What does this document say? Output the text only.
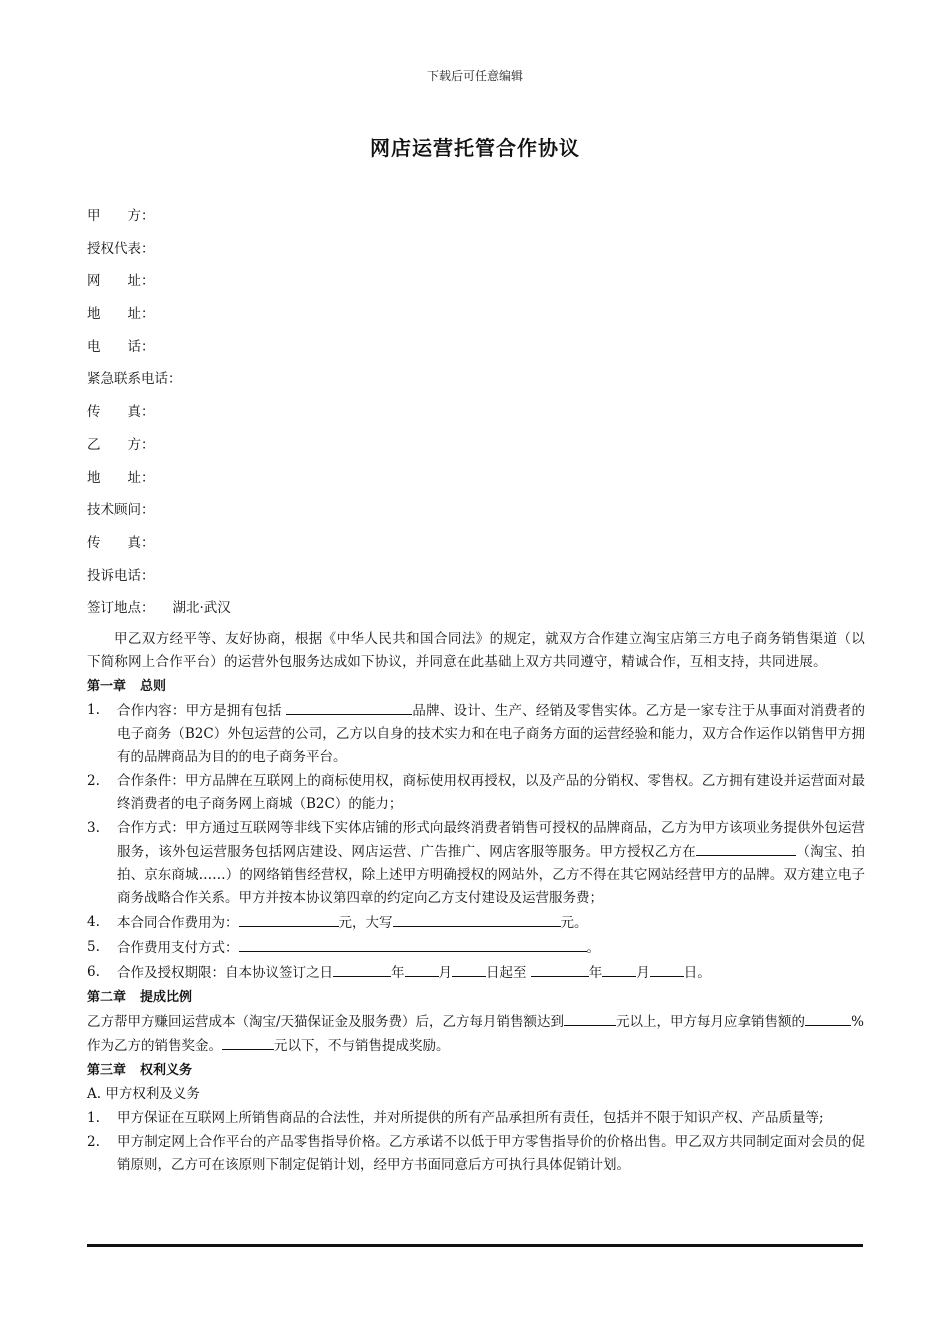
下载后可任意编辑
网店运营托管合作协议
甲　　方：
授权代表：
网　　址：
地　　址：
电　　话：
紧急联系电话：
传　　真：
乙　　方：
地　　址：
技术顾问：
传　　真：
投诉电话：
签订地点： 湖北·武汉

甲乙双方经平等、友好协商，根据《中华人民共和国合同法》的规定，就双方合作建立淘宝店第三方电子商务销售渠道（以下简称网上合作平台）的运营外包服务达成如下协议，并同意在此基础上双方共同遵守，精诚合作，互相支持，共同进展。

第一章 总则
1. 合作内容：甲方是拥有包括	品牌、设计、生产、经销及零售实体。乙方是一家专注于从事面对消费者的电子商务（B2C）外包运营的公司，乙方以自身的技术实力和在电子商务方面的运营经验和能力，双方合作运作以销售甲方拥有的品牌商品为目的的电子商务平台。
2. 合作条件：甲方品牌在互联网上的商标使用权，商标使用权再授权，以及产品的分销权、零售权。乙方拥有建设并运营面对最终消费者的电子商务网上商城（B2C）的能力；
3. 合作方式：甲方通过互联网等非线下实体店铺的形式向最终消费者销售可授权的品牌商品，乙方为甲方该项业务提供外包运营服务，该外包运营服务包括网店建设、网店运营、广告推广、网店客服等服务。甲方授权乙方在	（淘宝、拍拍、京东商城……）的网络销售经营权，除上述甲方明确授权的网站外，乙方不得在其它网站经营甲方的品牌。双方建立电子商务战略合作关系。甲方并按本协议第四章的约定向乙方支付建设及运营服务费；
4. 本合同合作费用为：	元，大写	元。
5. 合作费用支付方式：	。
6. 合作及授权期限：自本协议签订之日	年	月	日起至	年	月	日。
第二章 提成比例
乙方帮甲方赚回运营成本（淘宝/天猫保证金及服务费）后，乙方每月销售额达到	元以上，甲方每月应拿销售额的	%作为乙方的销售奖金。	元以下，不与销售提成奖励。
第三章 权利义务
A. 甲方权利及义务
1. 甲方保证在互联网上所销售商品的合法性，并对所提供的所有产品承担所有责任，包括并不限于知识产权、产品质量等;
2. 甲方制定网上合作平台的产品零售指导价格。乙方承诺不以低于甲方零售指导价的价格出售。甲乙双方共同制定面对会员的促销原则，乙方可在该原则下制定促销计划，经甲方书面同意后方可执行具体促销计划。
